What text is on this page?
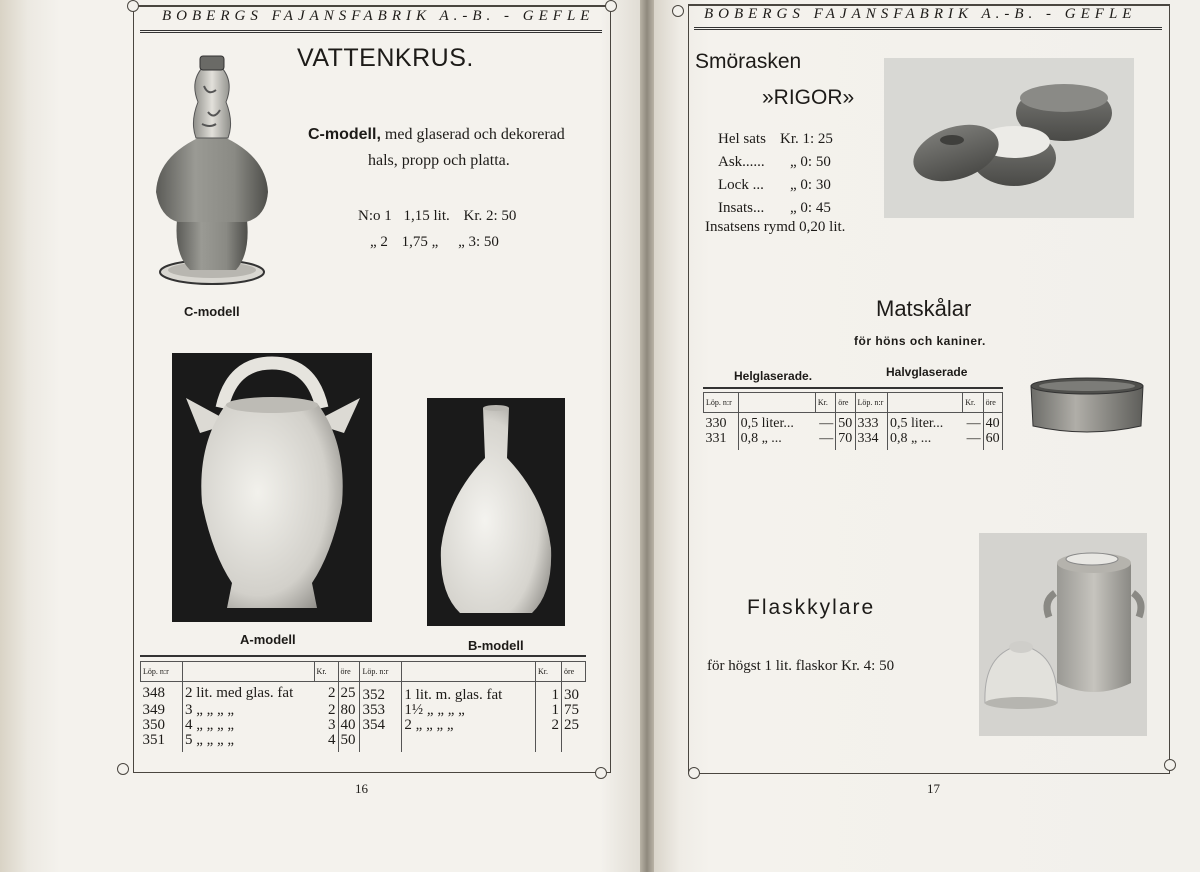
BOBERGS FAJANSFABRIK A.-B. - GEFLE
VATTENKRUS.
C-modell
C-modell, med glaserad och dekorerad
hals, propp och platta.
N:o 1 1,15 lit. Kr. 2: 50
„ 2 1,75 „ „ 3: 50
A-modell	B-modell
Löp. n:r		Kr.	öre	Löp. n:r		Kr.	öre
348	2 lit. med glas. fat	2	25	352	1 lit. m. glas. fat	1	30
349	3 „ „ „ „	2	80	353	1½ „ „ „ „	1	75
350	4 „ „ „ „	3	40	354	2 „ „ „ „	2	25
351	5 „ „ „ „	4	50				
16
BOBERGS FAJANSFABRIK A.-B. - GEFLE
Smörasken
»RIGOR»
Hel sats Kr. 1: 25
Ask...... „ 0: 50
Lock ... „ 0: 30
Insats... „ 0: 45
Insatsens rymd 0,20 lit.
Matskålar
för höns och kaniner.
Helglaserade.	Halvglaserade
Löp. n:r		Kr.	öre	Löp. n:r		Kr.	öre
330	0,5 liter...	—	50	333	0,5 liter...	—	40
331	0,8 „ ...	—	70	334	0,8 „ ...	—	60
Flaskkylare
för högst 1 lit. flaskor Kr. 4: 50
17
